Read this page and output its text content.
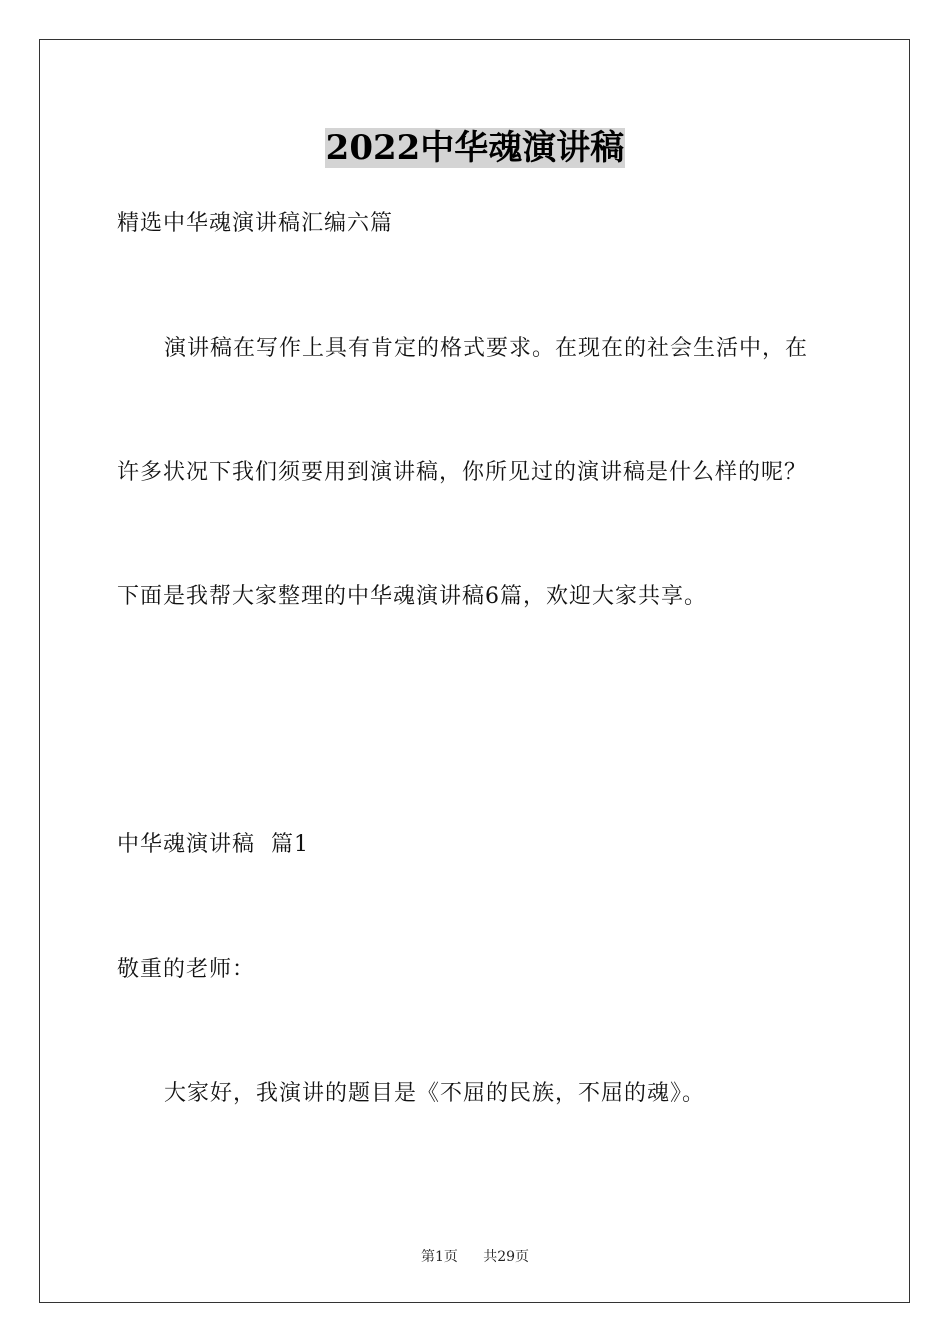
2022中华魂演讲稿
精选中华魂演讲稿汇编六篇
演讲稿在写作上具有肯定的格式要求。在现在的社会生活中，在
许多状况下我们须要用到演讲稿，你所见过的演讲稿是什么样的呢？
下面是我帮大家整理的中华魂演讲稿6篇，欢迎大家共享。
中华魂演讲稿  篇1
敬重的老师：
大家好，我演讲的题目是《不屈的民族，不屈的魂》。
第1页   共29页
